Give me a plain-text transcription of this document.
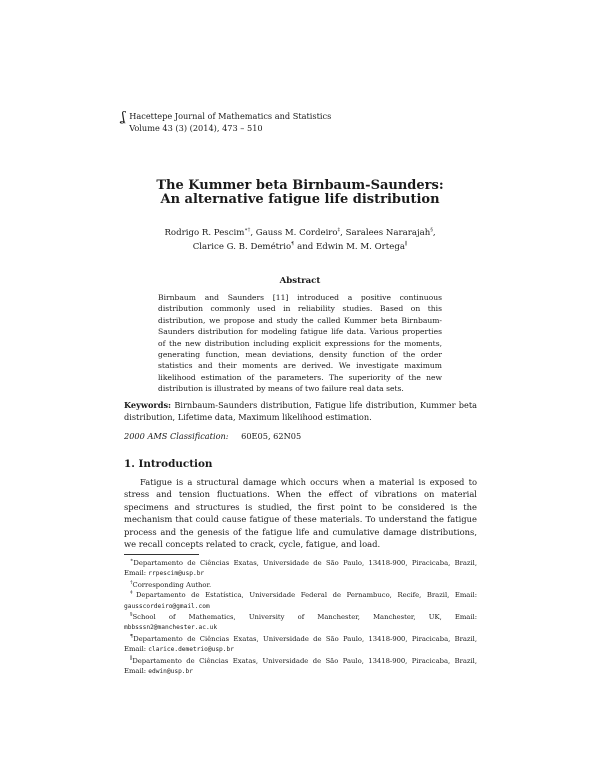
ʆ Hacettepe Journal of Mathematics and Statistics
Volume 43 (3) (2014), 473 – 510
The Kummer beta Birnbaum-Saunders:
An alternative fatigue life distribution
Rodrigo R. Pescim∗†, Gauss M. Cordeiro‡, Saralees Nararajah§,
Clarice G. B. Demétrio¶ and Edwin M. M. Ortega∥
Abstract
Birnbaum and Saunders [11] introduced a positive continuous distribution commonly used in reliability studies. Based on this distribution, we propose and study the called Kummer beta Birnbaum-Saunders distribution for modeling fatigue life data. Various properties of the new distribution including explicit expressions for the moments, generating function, mean deviations, density function of the order statistics and their moments are derived. We investigate maximum likelihood estimation of the parameters. The superiority of the new distribution is illustrated by means of two failure real data sets.
Keywords: Birnbaum-Saunders distribution, Fatigue life distribution, Kummer beta distribution, Lifetime data, Maximum likelihood estimation.
2000 AMS Classification: 60E05, 62N05
1. Introduction
Fatigue is a structural damage which occurs when a material is exposed to stress and tension fluctuations. When the effect of vibrations on material specimens and structures is studied, the first point to be considered is the mechanism that could cause fatigue of these materials. To understand the fatigue process and the genesis of the fatigue life and cumulative damage distributions, we recall concepts related to crack, cycle, fatigue, and load.
∗Departamento de Ciências Exatas, Universidade de São Paulo, 13418-900, Piracicaba, Brazil, Email: rrpescim@usp.br
†Corresponding Author.
‡Departamento de Estatística, Universidade Federal de Pernambuco, Recife, Brazil, Email: gausscordeiro@gmail.com
§School of Mathematics, University of Manchester, Manchester, UK, Email: mbbsssn2@manchester.ac.uk
¶Departamento de Ciências Exatas, Universidade de São Paulo, 13418-900, Piracicaba, Brazil, Email: clarice.demetrio@usp.br
∥Departamento de Ciências Exatas, Universidade de São Paulo, 13418-900, Piracicaba, Brazil, Email: edwin@usp.br
